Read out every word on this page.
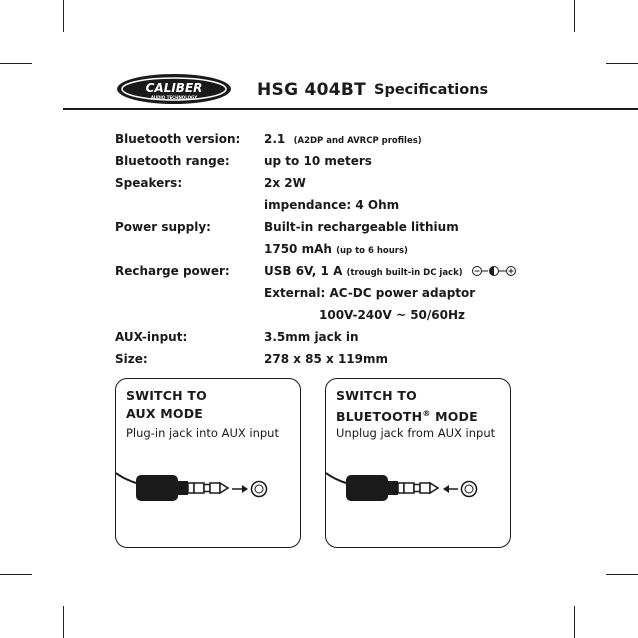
CALIBER
AUDIO TECHNOLOGY	HSG 404BT Specifications
Bluetooth version: 2.1 (A2DP and AVRCP profiles)
Bluetooth range:	up to 10 meters
Speakers:	2x 2W
impendance: 4 Ohm
Power supply:	Built-in rechargeable lithium
1750 mAh (up to 6 hours)
Recharge power:	USB 6V, 1 A (trough built-in DC jack)
External: AC-DC power adaptor
100V-240V ~ 50/60Hz
AUX-input:	3.5mm jack in
Size:	278 x 85 x 119mm
SWITCH TO
AUX MODE
Plug-in jack into AUX input
SWITCH TO
BLUETOOTH® MODE
Unplug jack from AUX input
